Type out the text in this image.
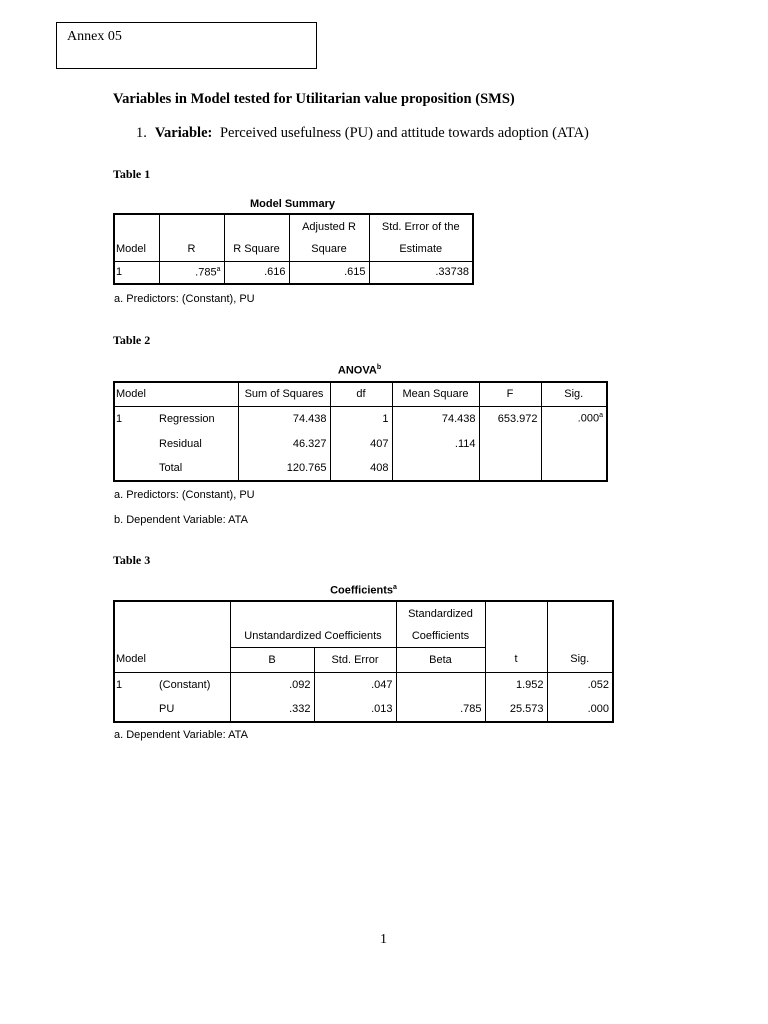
Annex 05
Variables in Model tested for Utilitarian value proposition (SMS)
1. Variable: Perceived usefulness (PU) and attitude towards adoption (ATA)
Table 1
Model Summary
			Adjusted R	Std. Error of the
Model	R	R Square	Square	Estimate
1	.785$^a$	.616	.615	.33738
a. Predictors: (Constant), PU
Table 2
ANOVA$^b$
Model		Sum of Squares	df	Mean Square	F	Sig.
1	Regression	74.438	1	74.438	653.972	.000$^a$
	Residual	46.327	407	.114		
	Total	120.765	408			
a. Predictors: (Constant), PU
b. Dependent Variable: ATA
Table 3
Coefficients$^a$
				Standardized		
		Unstandardized Coefficients		Coefficients		
Model		B	Std. Error	Beta	t	Sig.
1	(Constant)	.092	.047		1.952	.052
	PU	.332	.013	.785	25.573	.000
a. Dependent Variable: ATA
1
